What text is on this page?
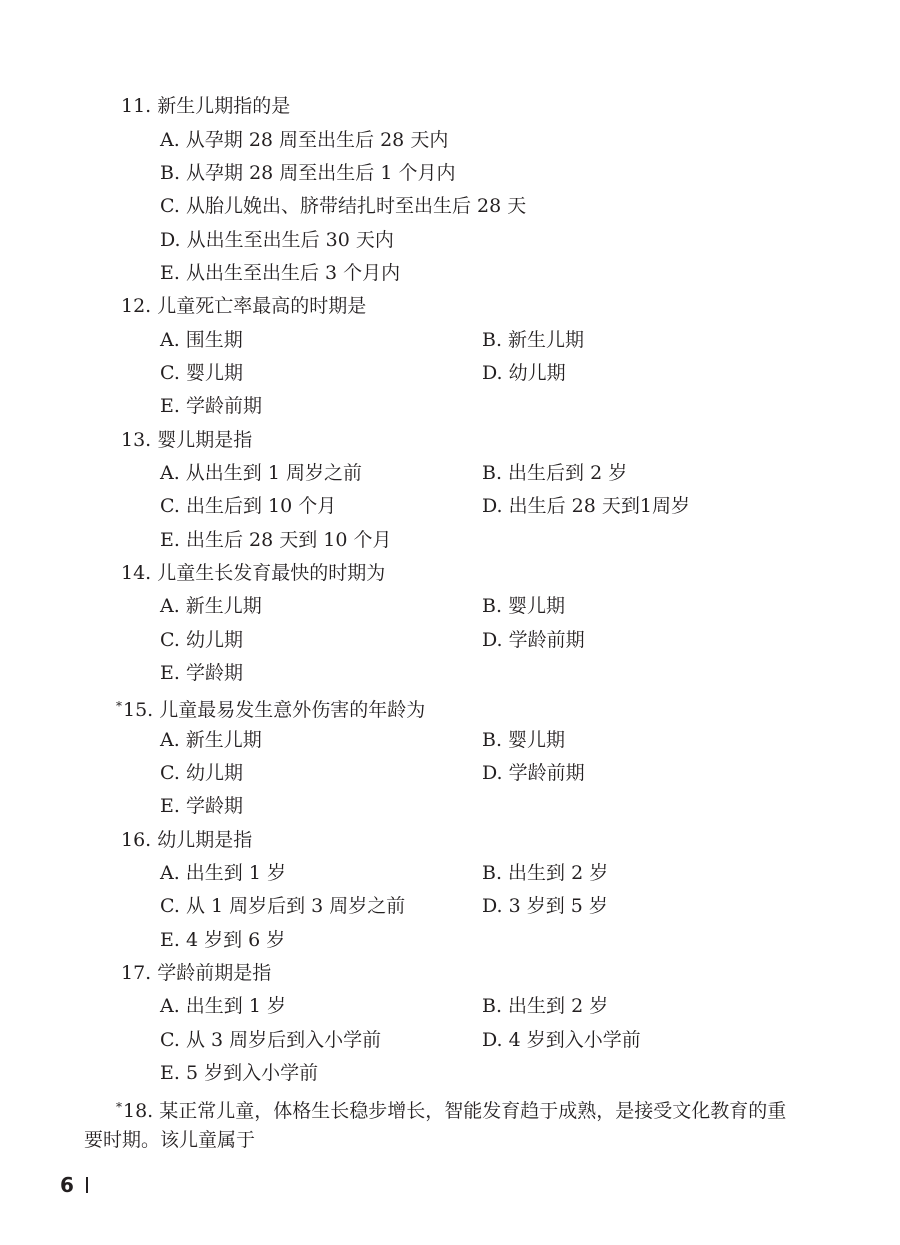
11. 新生儿期指的是
A. 从孕期 28 周至出生后 28 天内
B. 从孕期 28 周至出生后 1 个月内
C. 从胎儿娩出、脐带结扎时至出生后 28 天
D. 从出生至出生后 30 天内
E. 从出生至出生后 3 个月内
12. 儿童死亡率最高的时期是
A. 围生期	B. 新生儿期
C. 婴儿期	D. 幼儿期
E. 学龄前期
13. 婴儿期是指
A. 从出生到 1 周岁之前	B. 出生后到 2 岁
C. 出生后到 10 个月	D. 出生后 28 天到1周岁
E. 出生后 28 天到 10 个月
14. 儿童生长发育最快的时期为
A. 新生儿期	B. 婴儿期
C. 幼儿期	D. 学龄前期
E. 学龄期
*15. 儿童最易发生意外伤害的年龄为
A. 新生儿期	B. 婴儿期
C. 幼儿期	D. 学龄前期
E. 学龄期
16. 幼儿期是指
A. 出生到 1 岁	B. 出生到 2 岁
C. 从 1 周岁后到 3 周岁之前	D. 3 岁到 5 岁
E. 4 岁到 6 岁
17. 学龄前期是指
A. 出生到 1 岁	B. 出生到 2 岁
C. 从 3 周岁后到入小学前	D. 4 岁到入小学前
E. 5 岁到入小学前
*18. 某正常儿童，体格生长稳步增长，智能发育趋于成熟，是接受文化教育的重
要时期。该儿童属于
6
